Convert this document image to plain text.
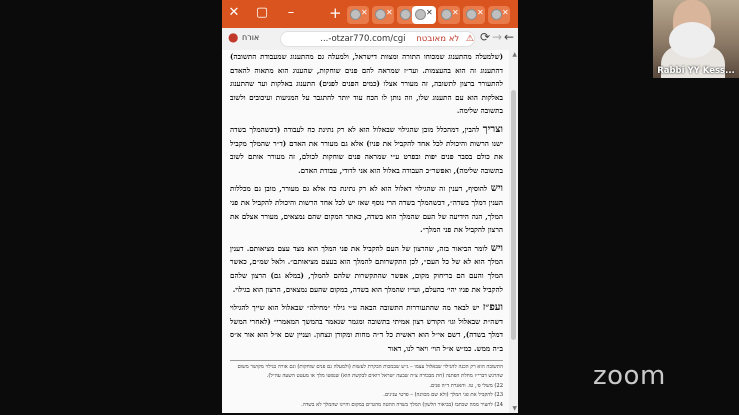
✕	▢	–	+ ✕ ✕	✕ ✕ ✕ ✕
● אורח	⚠ לא מאובטח otzar770.com/cgi-...	⟳ → ←

(שלמעלה מהתענוג שמכוחו התורה ומצוות דישראל, ולמעלה גם מהתענוג שמעבודת התשובה) דהתענוג זה הוא בהעצמות. ועד״ז שמראה להם פנים שוחקות, שהענוג הוא מתאוה להאדם להתעורר ברצון לתשובה, זה מעורר אצלו (כמים הפנים לפנים) התענוג באלקות ועד שהתענוג באלקות הוא עם התענוג שלו, וזה נותן לו הכח עוד יותר להתגבר על המניעות ועיכובים ולשוב בתשובה שלימה.

וצריך להבין, דמהכלל מובן שהגילוי שבאלול הוא לא רק נתינת כח לעבודה (דכשהמלך בשדה ישנו הרשות והיכולת לכל אחד להקביל את פניו) אלא גם מעורר את האדם (ד״ר שהמלך מקביל את כולם בסבר פנים יפות ובפרט ע״י שמראה פנים שוחקות לכולם, זה מעורר אותם לשוב בתשובה שלימה), ואפשר״כ העבודה באלול הוא אני לדודי, עבודת האדם.

ויש להוסיף, דענין זה שהגילוי דאלול הוא לא רק נתינת כח אלא גם מעורר, מובן גם מכללות הענין דמלך בשדה״, דכשהמלך בשדה הרי נוסף שאז יש לכל אחד הרשות והיכולת להקביל את פני המלך, הנה הידיעה של העם שהמלך הוא בשדה, כאתר המקום שהם נמצאים, מעורר אצלם את הרצון להקביל את פני המלך״.

ויש לומר הביאור בזה, שהרצון של העם להקביל את פני המלך הוא מצד עצם מציאותם. דענין המלך הוא לא של כל העם״, לכן התקשרותם להמלך הוא בעצם מציאותם״. ולאל שמ״ם, כאשר המלך והעם הם בריחוק מקום, אפשר שהתקשרות שלהם להמלך, (במלא גם) הרצון שלהם להקביל את פניו יהי׳ בהעלם, ועי״ז שהמלך הוא בשדה, במקום שהעם נמצאים, הרצון הוא בגילוי.

ועפ״ז יש לבאר מה שהתעוררות התשובה הבאה ע״י גילוי ״מחילה״ שבאלול הוא שייך להגילוי דשה״ת שבאלול וגו׳ הקודש רצון אמיתי בתשובה ומגמר שנאמר בהמשך המאמרי״ (לאחרי המשל דמלך בשדה), דשם אי״ל הוא ראשית כל ד״ה מחות ומקורן ונצחון. ועניין שם א״ל הוא אור א״ס ב״ה ממש. כמ״ש א״ל הוי׳ ויאר לנו, דאור

התשובה הוא רק הכנה להגילוי שבאלול עצמו – ג״ש שבמכות הבקרת לעשות (ולמעלה גם פנים שוחקות) וגם אורה בגילוי מקושר משום שהרגש דברי״ז מחלת הפתנה (חת מבכורה צ״ה שבעה ישראל רואים לבקשת הוא) שנפשו מלך או מעטט השעה עה״ל).

22) משלי פ׳, טו. והאגרת ד״ה פנים.

23) להקביל את פני המלך (ולא שם מכוונה) – פרטי ענינים.

24) להעיר ממה שכתבו (בביאור הלשון) המלך בשדה ההטה מהטיים במקום והיינו שהמלך לא בשדה.

▲
▼
Rabbi YY Kess...
zoom
